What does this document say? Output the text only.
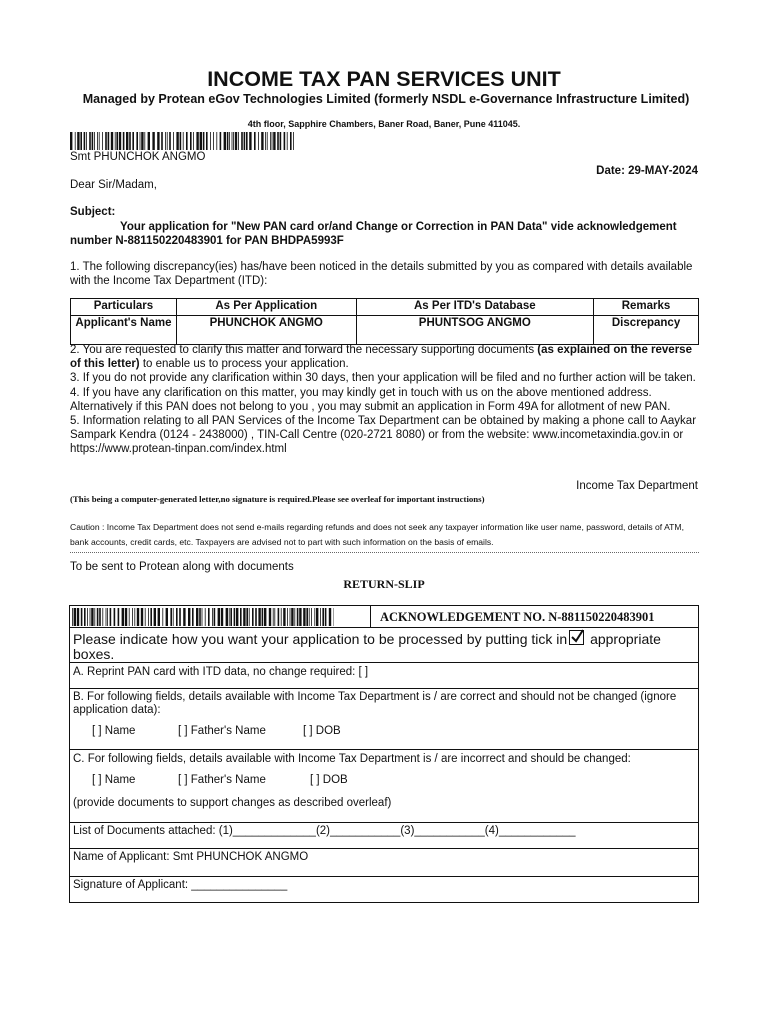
INCOME TAX PAN SERVICES UNIT
Managed by Protean eGov Technologies Limited (formerly NSDL e-Governance Infrastructure Limited)
4th floor, Sapphire Chambers, Baner Road, Baner, Pune 411045.
Smt PHUNCHOK ANGMO
Date: 29-MAY-2024
Dear Sir/Madam,
Subject:
Your application for "New PAN card or/and Change or Correction in PAN Data" vide acknowledgement number N-881150220483901 for PAN BHDPA5993F
1. The following discrepancy(ies) has/have been noticed in the details submitted by you as compared with details available with the Income Tax Department (ITD):
Particulars	As Per Application	As Per ITD's Database	Remarks
Applicant's Name	PHUNCHOK ANGMO	PHUNTSOG ANGMO	Discrepancy

2. You are requested to clarify this matter and forward the necessary supporting documents (as explained on the reverse of this letter) to enable us to process your application.

3. If you do not provide any clarification within 30 days, then your application will be filed and no further action will be taken.

4. If you have any clarification on this matter, you may kindly get in touch with us on the above mentioned address. Alternatively if this PAN does not belong to you , you may submit an application in Form 49A for allotment of new PAN.

5. Information relating to all PAN Services of the Income Tax Department can be obtained by making a phone call to Aaykar Sampark Kendra (0124 - 2438000) , TIN-Call Centre (020-2721 8080) or from the website: www.incometaxindia.gov.in or https://www.protean-tinpan.com/index.html

Income Tax Department
(This being a computer-generated letter,no signature is required.Please see overleaf for important instructions)
Caution : Income Tax Department does not send e-mails regarding refunds and does not seek any taxpayer information like user name, password, details of ATM, bank accounts, credit cards, etc. Taxpayers are advised not to part with such information on the basis of emails.
To be sent to Protean along with documents
RETURN-SLIP
ACKNOWLEDGEMENT NO. N-881150220483901
Please indicate how you want your application to be processed by putting tick in appropriate boxes.
A. Reprint PAN card with ITD data, no change required: [ ]
B. For following fields, details available with Income Tax Department is / are correct and should not be changed (ignore application data):
[ ] Name	[ ] Father's Name	[ ] DOB
C. For following fields, details available with Income Tax Department is / are incorrect and should be changed:
[ ] Name	[ ] Father's Name	[ ] DOB
(provide documents to support changes as described overleaf)
List of Documents attached: (1)_____________(2)___________(3)___________(4)____________
Name of Applicant: Smt PHUNCHOK ANGMO
Signature of Applicant: _______________
